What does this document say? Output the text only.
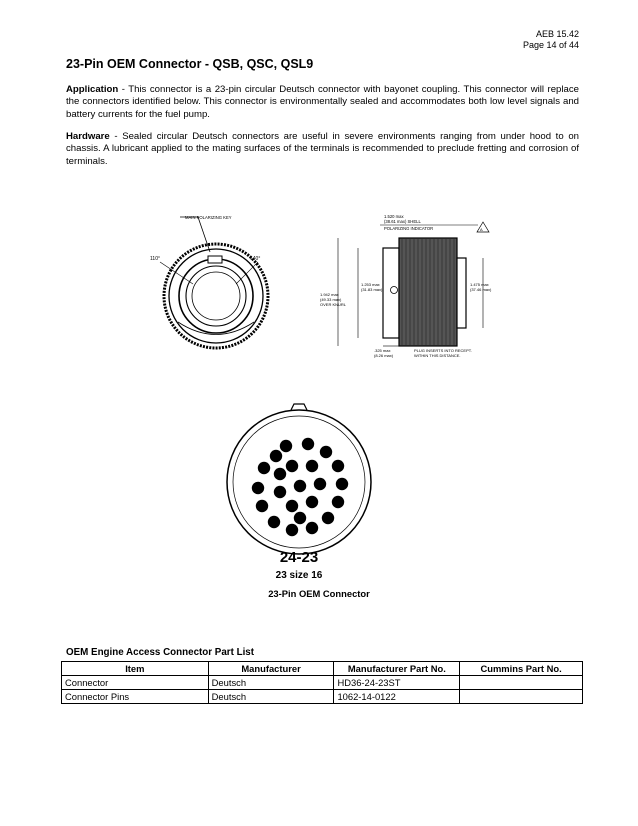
AEB 15.42
Page 14 of 44
23-Pin OEM Connector - QSB, QSC, QSL9
Application - This connector is a 23-pin circular Deutsch connector with bayonet coupling. This connector will replace the connectors identified below. This connector is environmentally sealed and accommodates both low level signals and battery currents for the fuel pump.
Hardware - Sealed circular Deutsch connectors are useful in severe environments ranging from under hood to on chassis. A lubricant applied to the mating surfaces of the terminals is recommended to preclude fretting and corrosion of terminals.
MAIN POLARIZING KEY
110°	140°
1.520 max
(38.61 max) SHELL
POLARIZING INDICATOR	A
1.253 max
(31.83 max)
1.942 max
(49.33 max)
OVER KNURL
1.475 max
(37.46 max)
.325 max
(8.26 max)
PLUG INSERTS INTO RECEPT.
WITHIN THIS DISTANCE.
24-23
23 size 16
23-Pin OEM Connector
OEM Engine Access Connector Part List
Item	Manufacturer	Manufacturer Part No.	Cummins Part No.
Connector	Deutsch	HD36-24-23ST	
Connector Pins	Deutsch	1062-14-0122	
